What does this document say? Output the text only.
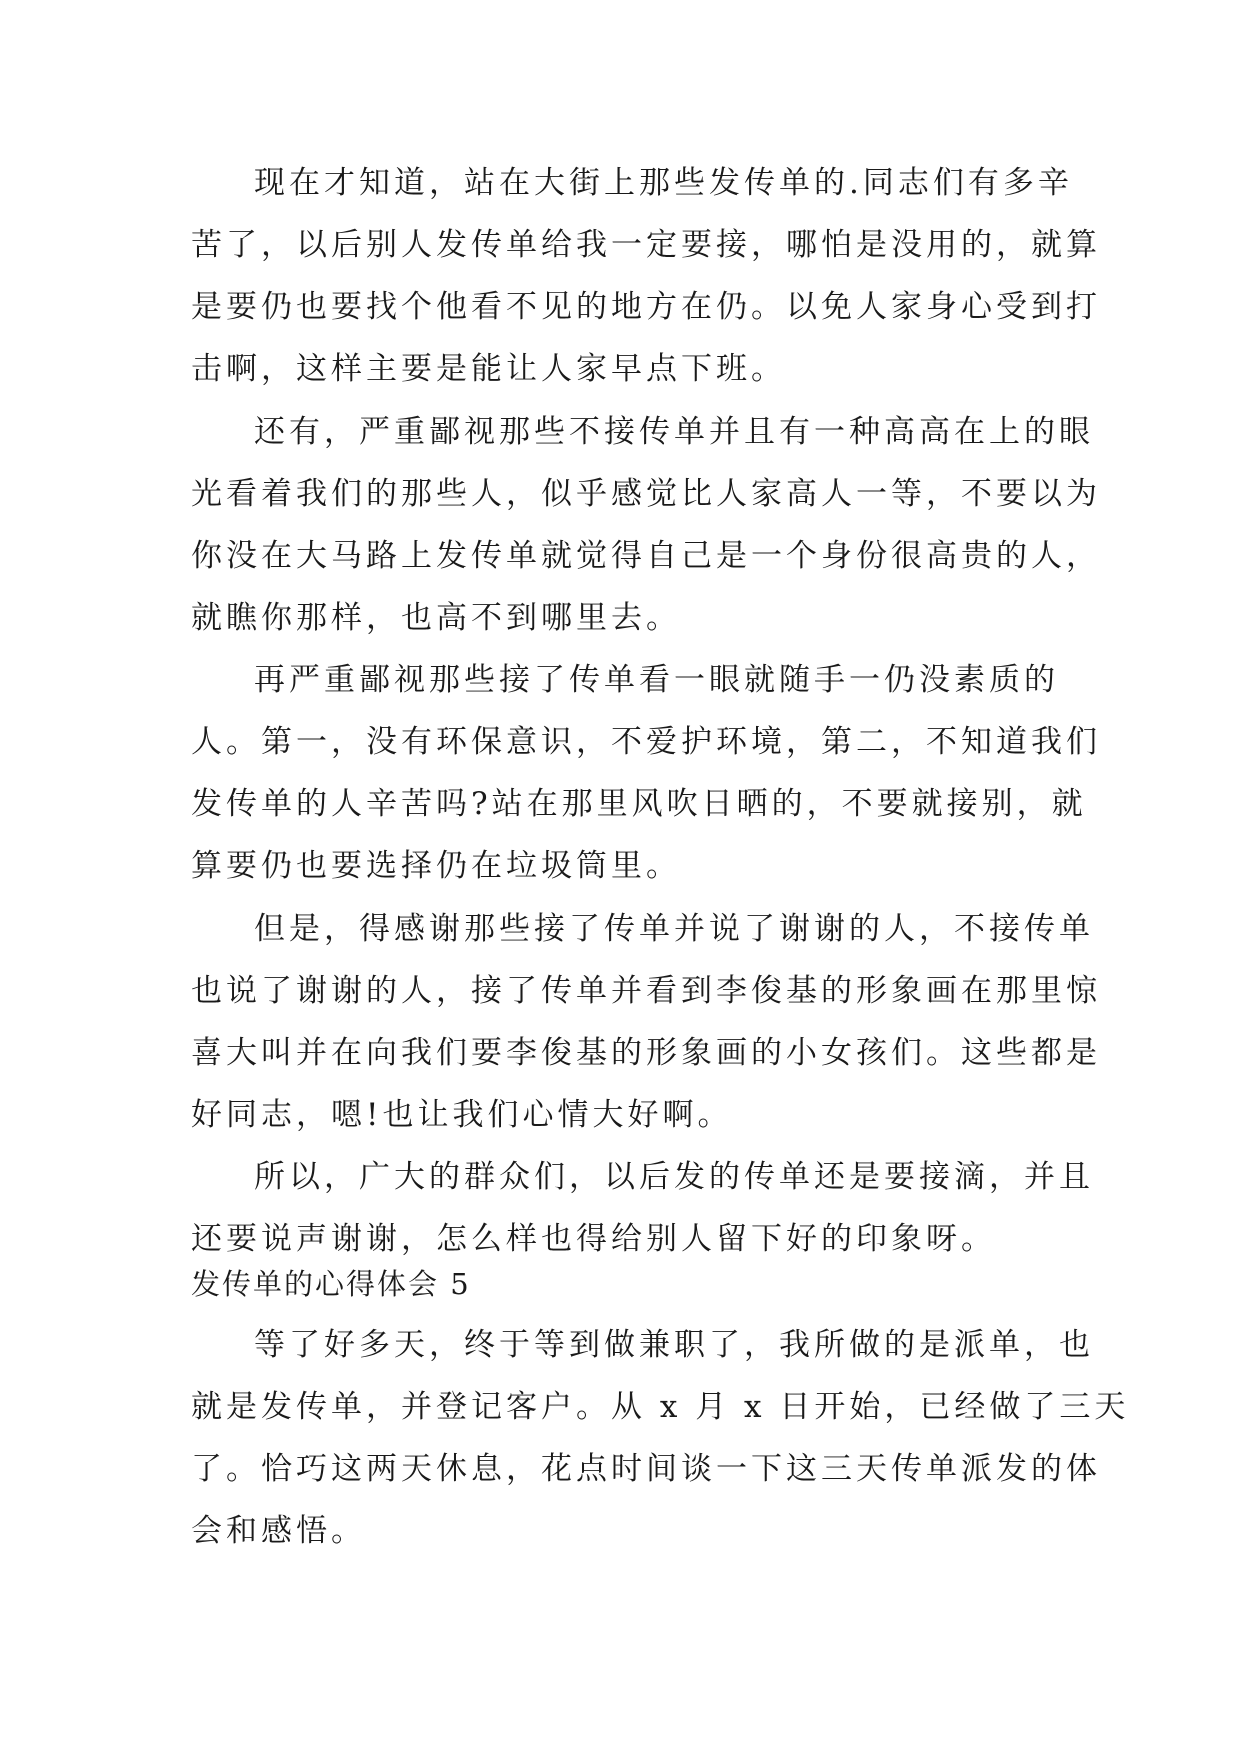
现在才知道，站在大街上那些发传单的.同志们有多辛
苦了，以后别人发传单给我一定要接，哪怕是没用的，就算
是要仍也要找个他看不见的地方在仍。以免人家身心受到打
击啊，这样主要是能让人家早点下班。
还有，严重鄙视那些不接传单并且有一种高高在上的眼
光看着我们的那些人，似乎感觉比人家高人一等，不要以为
你没在大马路上发传单就觉得自己是一个身份很高贵的人，
就瞧你那样，也高不到哪里去。
再严重鄙视那些接了传单看一眼就随手一仍没素质的
人。第一，没有环保意识，不爱护环境，第二，不知道我们
发传单的人辛苦吗?站在那里风吹日晒的，不要就接别，就
算要仍也要选择仍在垃圾筒里。
但是，得感谢那些接了传单并说了谢谢的人，不接传单
也说了谢谢的人，接了传单并看到李俊基的形象画在那里惊
喜大叫并在向我们要李俊基的形象画的小女孩们。这些都是
好同志，嗯!也让我们心情大好啊。
所以，广大的群众们，以后发的传单还是要接滴，并且
还要说声谢谢，怎么样也得给别人留下好的印象呀。
发传单的心得体会 5
等了好多天，终于等到做兼职了，我所做的是派单，也
就是发传单，并登记客户。从 x 月 x 日开始，已经做了三天
了。恰巧这两天休息，花点时间谈一下这三天传单派发的体
会和感悟。
